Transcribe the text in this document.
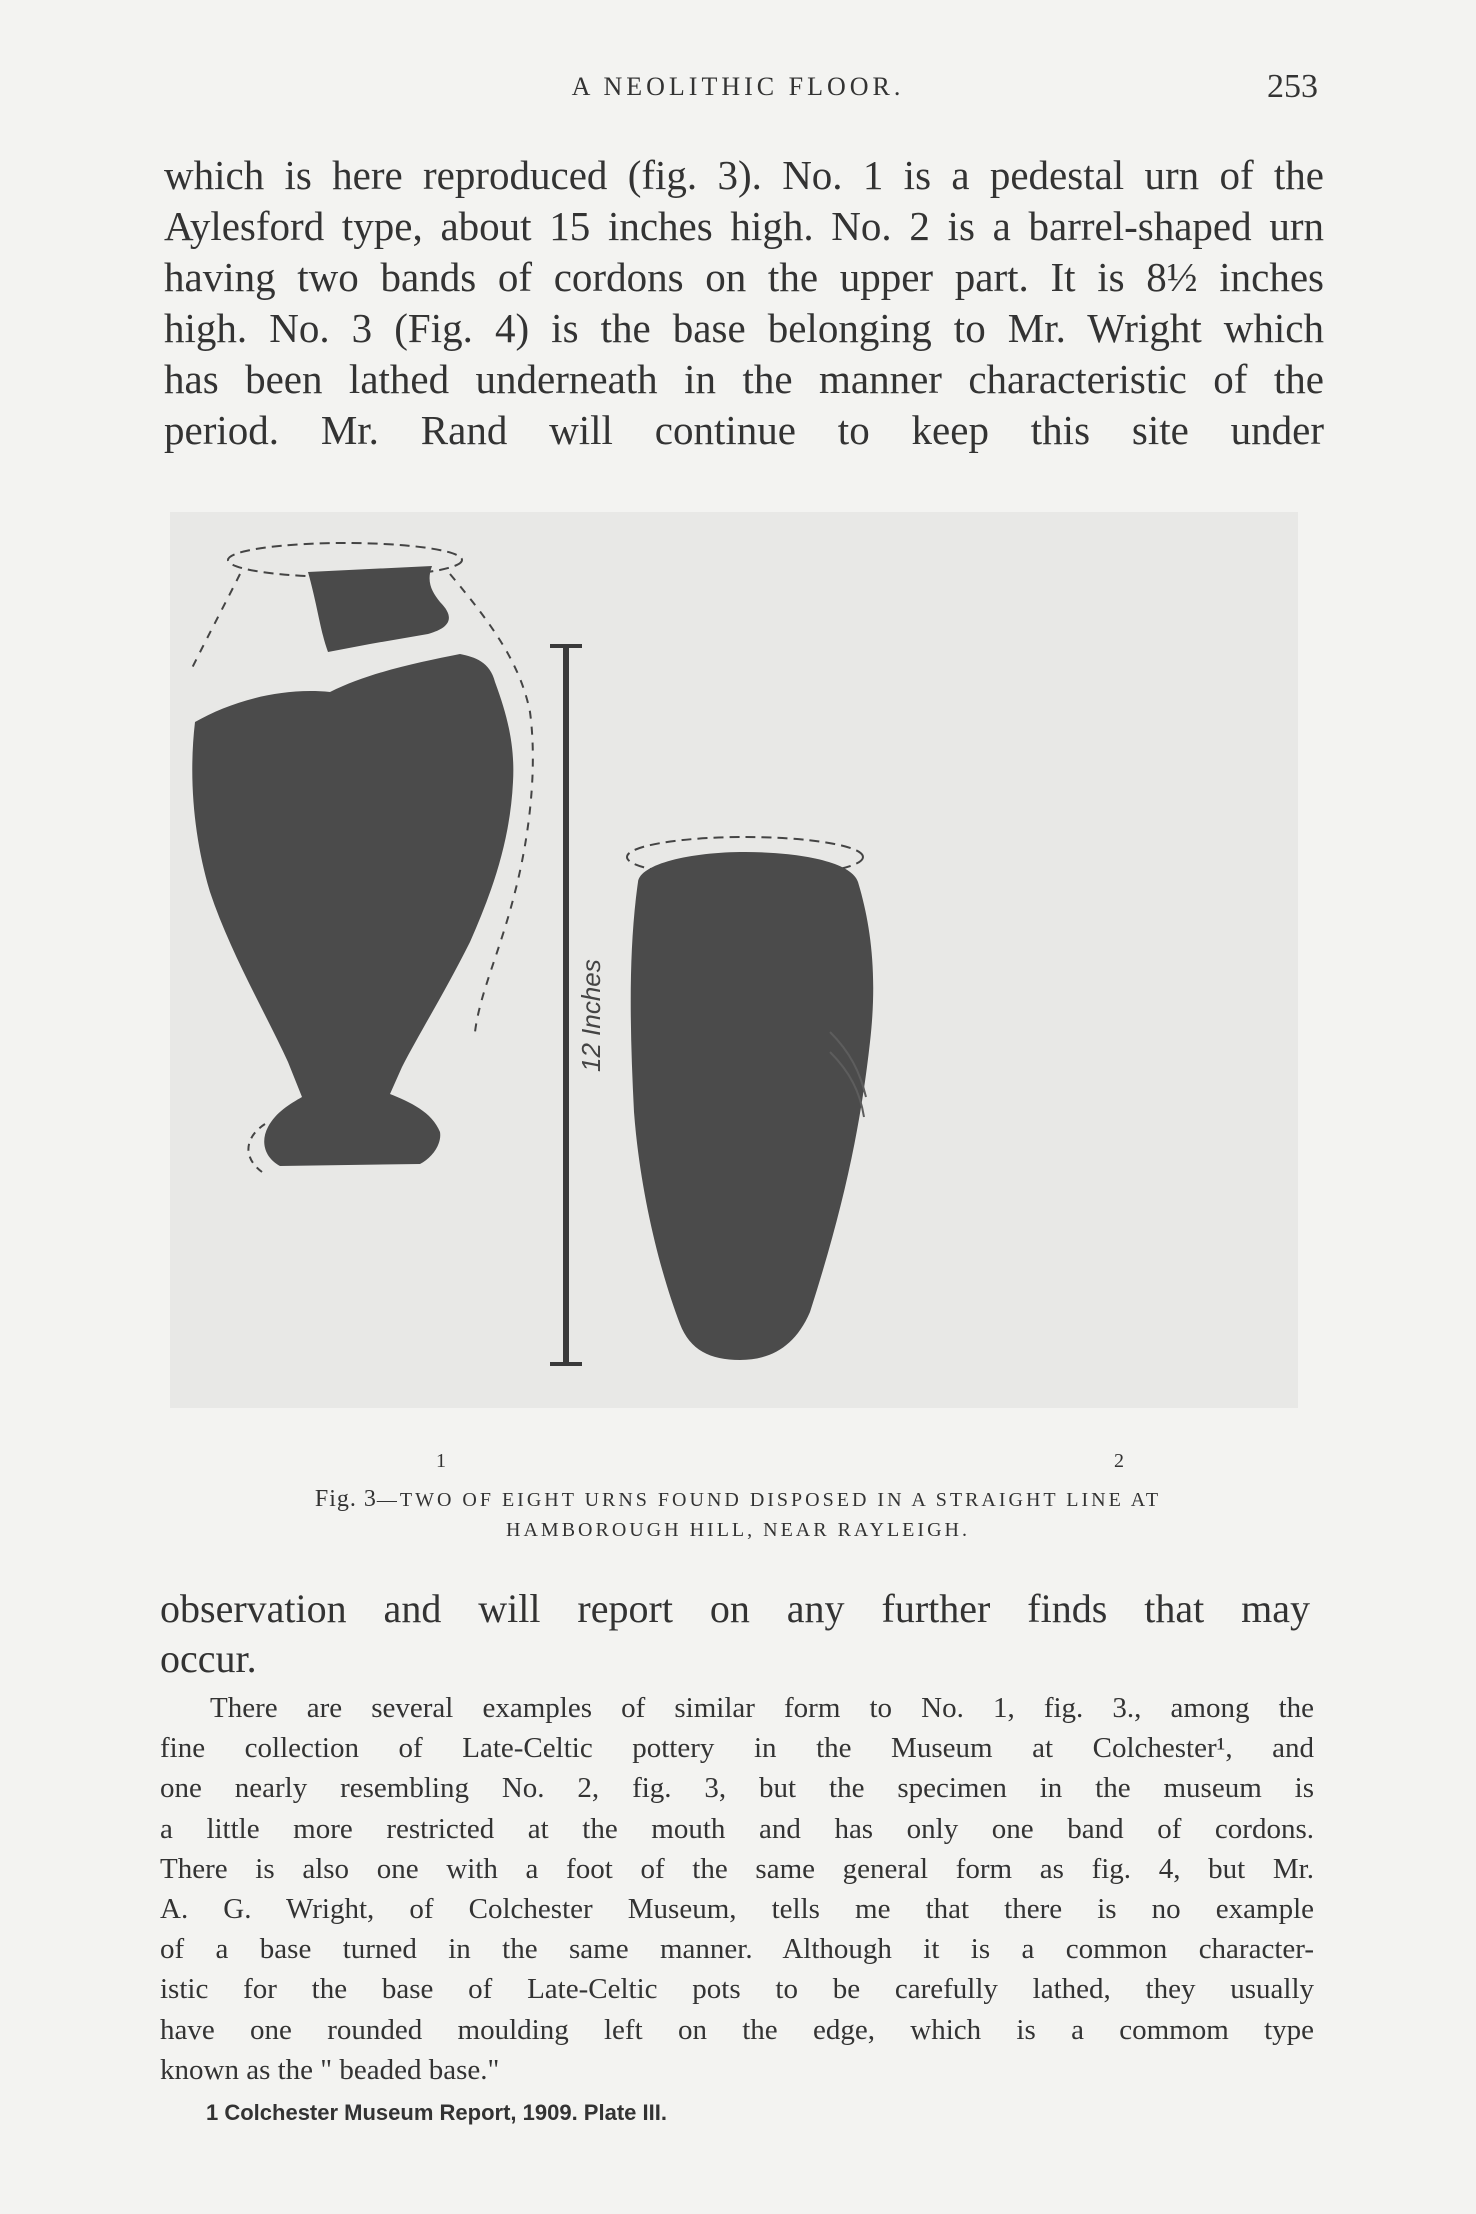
A NEOLITHIC FLOOR.	253
which is here reproduced (fig. 3). No. 1 is a pedestal urn of the
Aylesford type, about 15 inches high. No. 2 is a barrel-shaped urn
having two bands of cordons on the upper part. It is 8½ inches
high. No. 3 (Fig. 4) is the base belonging to Mr. Wright which
has been lathed underneath in the manner characteristic of the
period. Mr. Rand will continue to keep this site under
12 Inches
1	2
Fig. 3—TWO OF EIGHT URNS FOUND DISPOSED IN A STRAIGHT LINE AT
HAMBOROUGH HILL, NEAR RAYLEIGH.
observation and will report on any further finds that may
occur.
There are several examples of similar form to No. 1, fig. 3., among the
fine collection of Late-Celtic pottery in the Museum at Colchester¹, and
one nearly resembling No. 2, fig. 3, but the specimen in the museum is
a little more restricted at the mouth and has only one band of cordons.
There is also one with a foot of the same general form as fig. 4, but Mr.
A. G. Wright, of Colchester Museum, tells me that there is no example
of a base turned in the same manner. Although it is a common character-
istic for the base of Late-Celtic pots to be carefully lathed, they usually
have one rounded moulding left on the edge, which is a commom type
known as the " beaded base."
1 Colchester Museum Report, 1909. Plate III.
